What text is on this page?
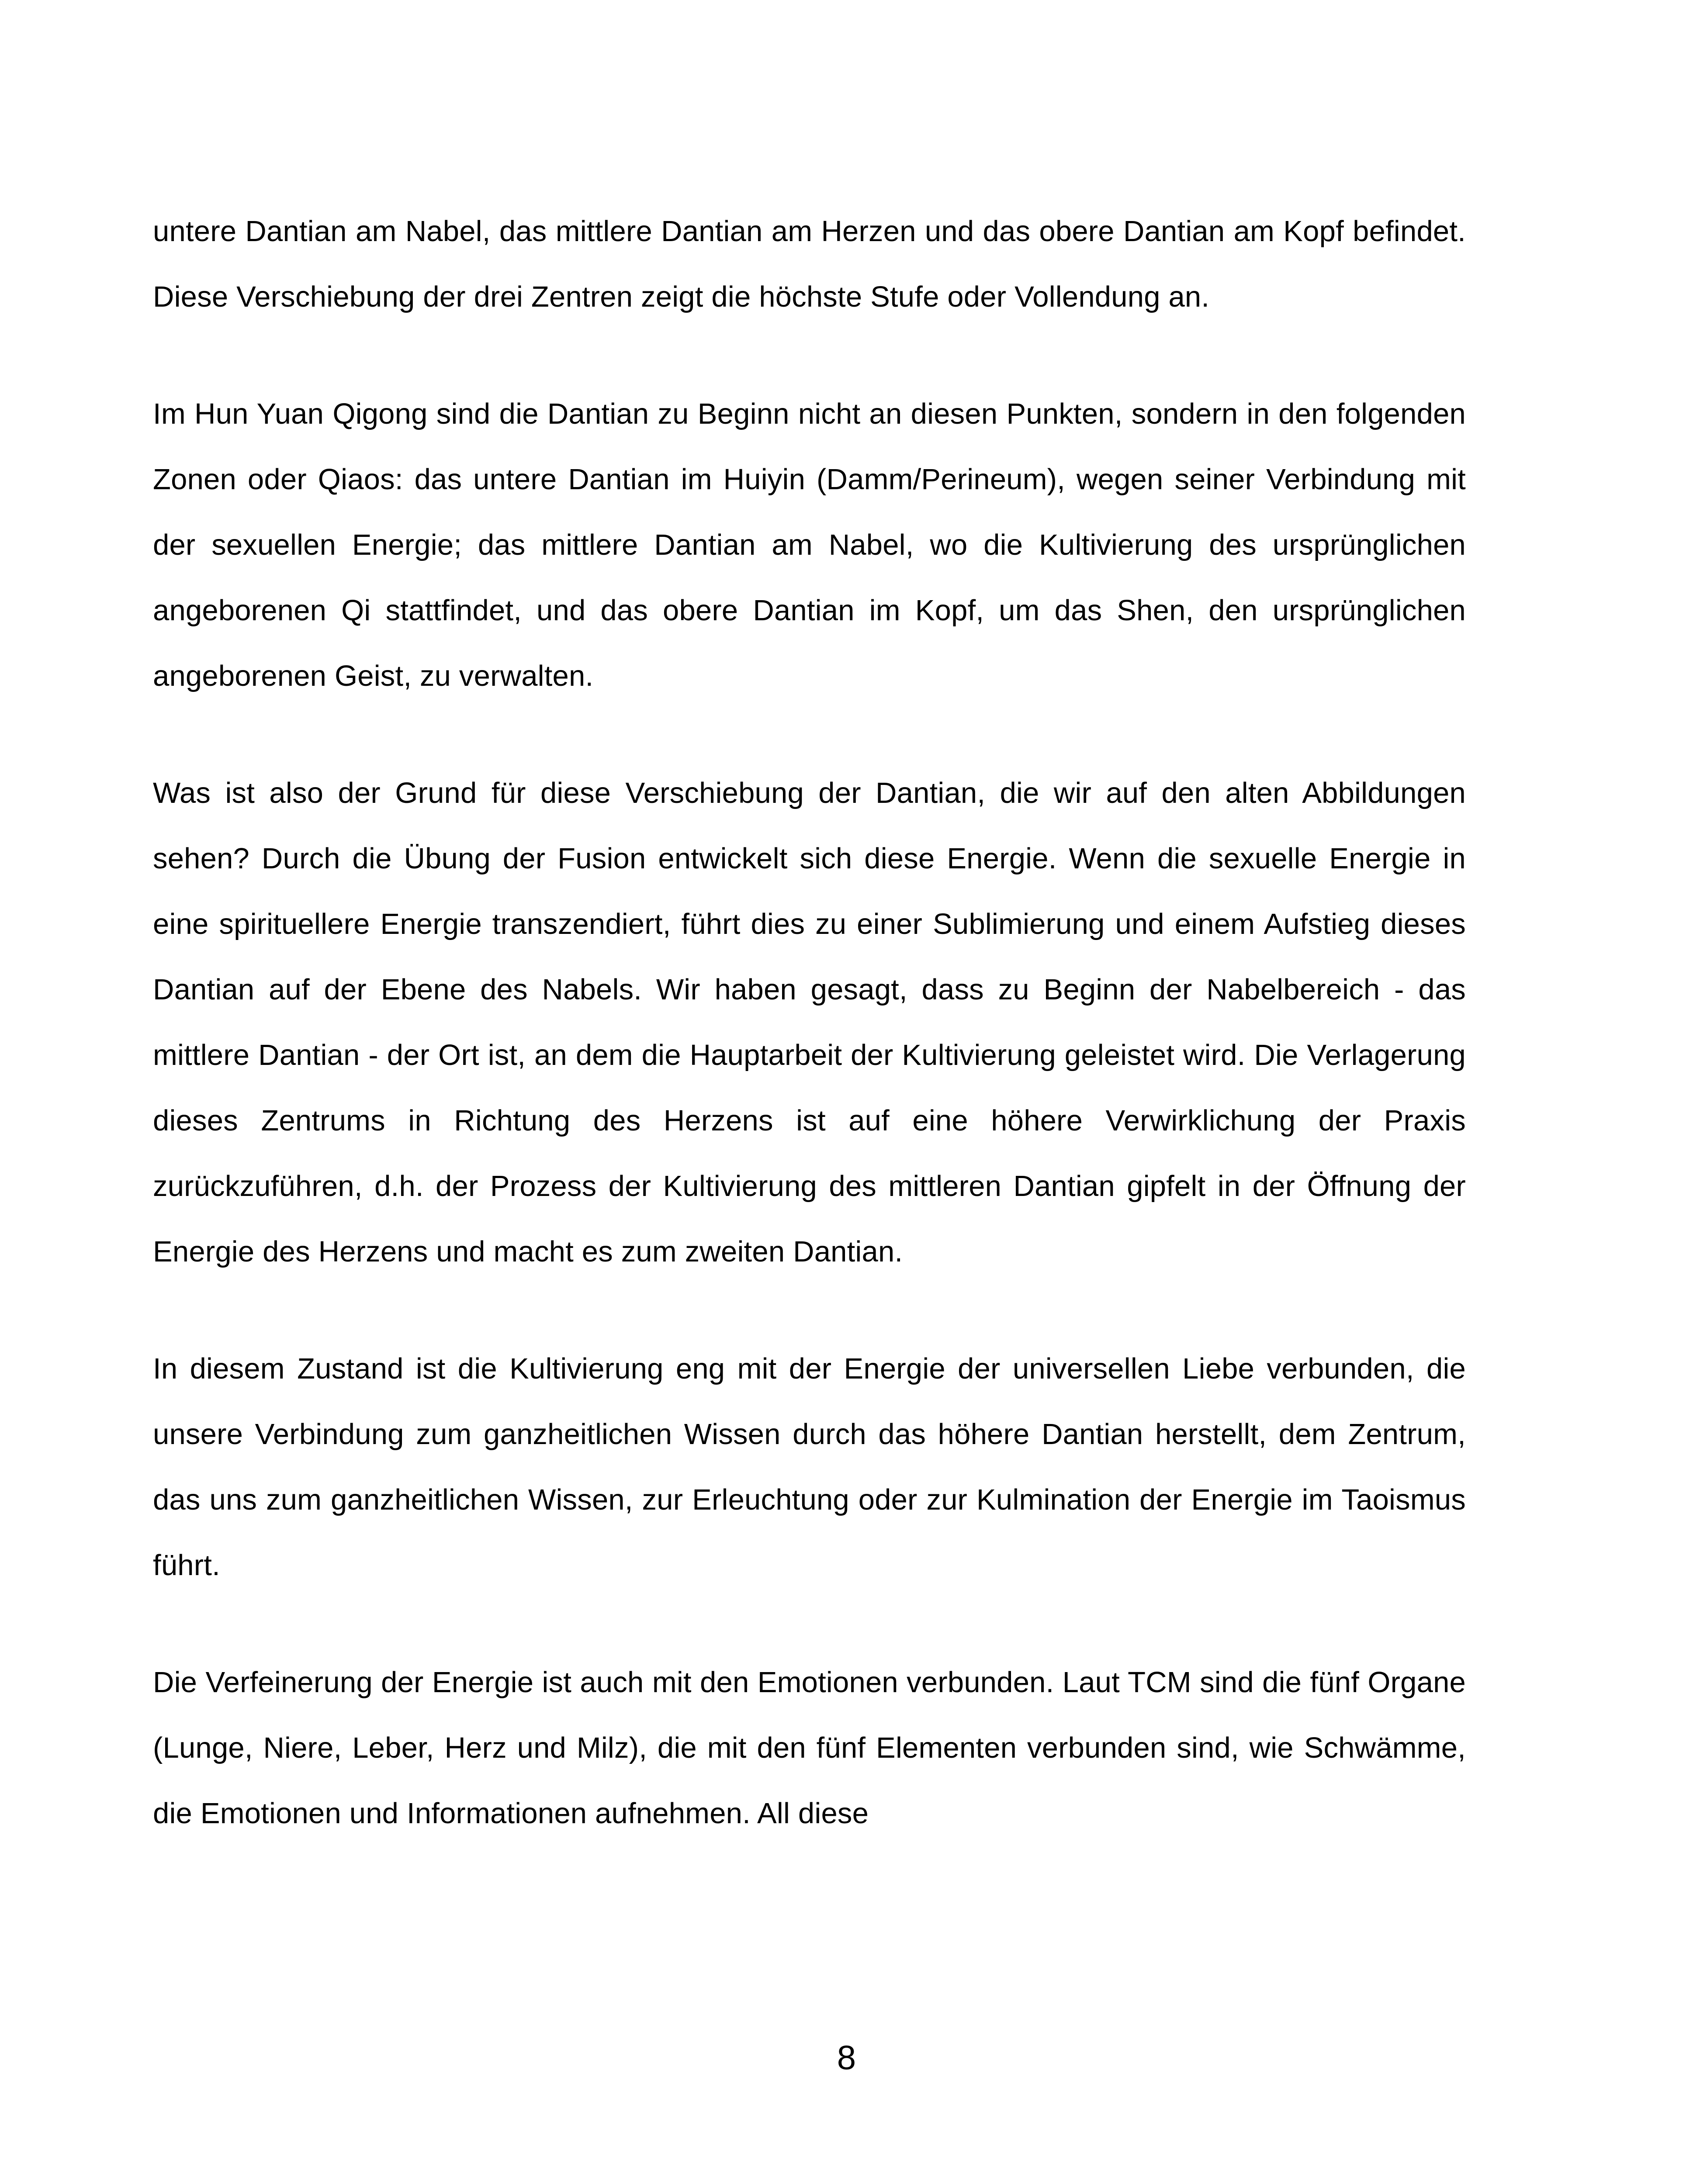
untere Dantian am Nabel, das mittlere Dantian am Herzen und das obere Dantian am Kopf befindet. Diese Verschiebung der drei Zentren zeigt die höchste Stufe oder Vollendung an.

Im Hun Yuan Qigong sind die Dantian zu Beginn nicht an diesen Punkten, sondern in den folgenden Zonen oder Qiaos: das untere Dantian im Huiyin (Damm/Perineum), wegen seiner Verbindung mit der sexuellen Energie; das mittlere Dantian am Nabel, wo die Kultivierung des ursprünglichen angeborenen Qi stattfindet, und das obere Dantian im Kopf, um das Shen, den ursprünglichen angeborenen Geist, zu verwalten.

Was ist also der Grund für diese Verschiebung der Dantian, die wir auf den alten Abbildungen sehen? Durch die Übung der Fusion entwickelt sich diese Energie. Wenn die sexuelle Energie in eine spirituellere Energie transzendiert, führt dies zu einer Sublimierung und einem Aufstieg dieses Dantian auf der Ebene des Nabels. Wir haben gesagt, dass zu Beginn der Nabelbereich - das mittlere Dantian - der Ort ist, an dem die Hauptarbeit der Kultivierung geleistet wird. Die Verlagerung dieses Zentrums in Richtung des Herzens ist auf eine höhere Verwirklichung der Praxis zurückzuführen, d.h. der Prozess der Kultivierung des mittleren Dantian gipfelt in der Öffnung der Energie des Herzens und macht es zum zweiten Dantian.

In diesem Zustand ist die Kultivierung eng mit der Energie der universellen Liebe verbunden, die unsere Verbindung zum ganzheitlichen Wissen durch das höhere Dantian herstellt, dem Zentrum, das uns zum ganzheitlichen Wissen, zur Erleuchtung oder zur Kulmination der Energie im Taoismus führt.

Die Verfeinerung der Energie ist auch mit den Emotionen verbunden. Laut TCM sind die fünf Organe (Lunge, Niere, Leber, Herz und Milz), die mit den fünf Elementen verbunden sind, wie Schwämme, die Emotionen und Informationen aufnehmen. All diese

8
